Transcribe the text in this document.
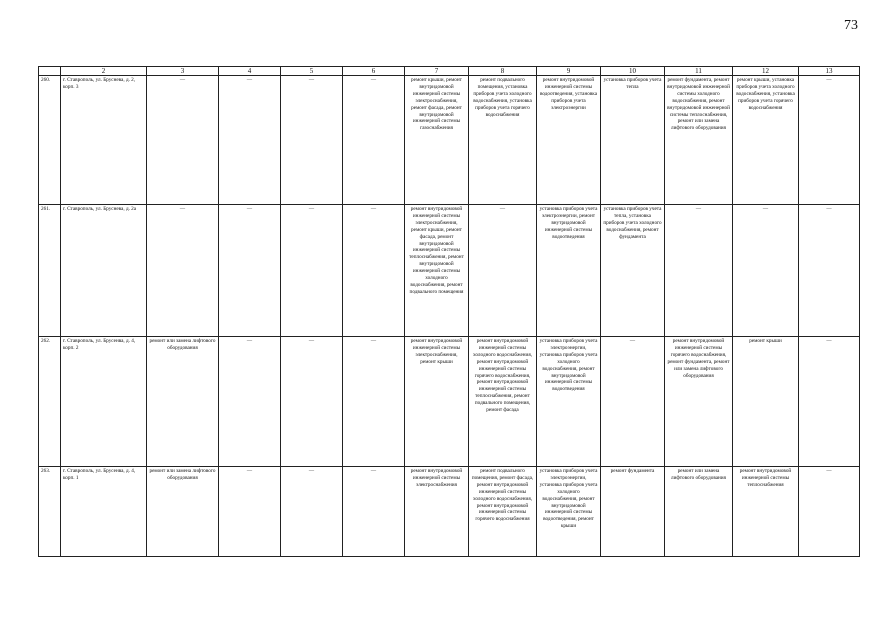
73
	2	3	4	5	6	7	8	9	10	11	12	13
260.	г. Ставрополь, ул. Бруснева, д. 2, корп. 3	—	—	—	—	ремонт крыши, ремонт внутридомовой инженерной системы электроснабжения, ремонт фасада, ремонт внутридомовой инженерной системы газоснабжения	ремонт подвального помещения, установка приборов учета холодного водоснабжения, установка приборов учета горячего водоснабжения	ремонт внутридомовой инженерной системы водоотведения, установка приборов учета электроэнергии	установка приборов учета тепла	ремонт фундамента, ремонт внутридомовой инженерной системы холодного водоснабжения, ремонт внутридомовой инженерной системы теплоснабжения, ремонт или замена лифтового оборудования	ремонт крыши, установка приборов учета холодного водоснабжения, установка приборов учета горячего водоснабжения	—
261.	г. Ставрополь, ул. Бруснева, д. 2а	—	—	—	—	ремонт внутридомовой инженерной системы электроснабжения, ремонт крыши, ремонт фасада, ремонт внутридомовой инженерной системы теплоснабжения, ремонт внутридомовой инженерной системы холодного водоснабжения, ремонт подвального помещения	—	установка приборов учета электроэнергии, ремонт внутридомовой инженерной системы водоотведения	установка приборов учета тепла, установка приборов учета холодного водоснабжения, ремонт фундамента	—	—	—
262.	г. Ставрополь, ул. Брусенва, д. 4, корп. 2	ремонт или замена лифтового оборудования	—	—	—	ремонт внутридомовой инженерной системы электроснабжения, ремонт крыши	ремонт внутридомовой инженерной системы холодного водоснабжения, ремонт внутридомовой инженерной системы горячего водоснабжения, ремонт внутридомовой инженерной системы теплоснабжения, ремонт подвального помещения, ремонт фасада	установка приборов учета электроэнергии, установка приборов учета холодного водоснабжения, ремонт внутридомовой инженерной системы водоотведения	—	ремонт внутридомовой инженерной системы горячего водоснабжения, ремонт фундамента, ремонт или замена лифтового оборудования	ремонт крыши	—
263.	г. Ставрополь, ул. Брусенва, д. 4, корп. 1	ремонт или замена лифтового оборудования	—	—	—	ремонт внутридомовой инженерной системы электроснабжения	ремонт подвального помещения, ремонт фасада, ремонт внутридомовой инженерной системы холодного водоснабжения, ремонт внутридомовой инженерной системы горячего водоснабжения	установка приборов учета электроэнергии, установка приборов учета холодного водоснабжения, ремонт внутридомовой инженерной системы водоотведения, ремонт крыши	ремонт фундамента	ремонт или замена лифтового оборудования	ремонт внутридомовой инженерной системы теплоснабжения	—
